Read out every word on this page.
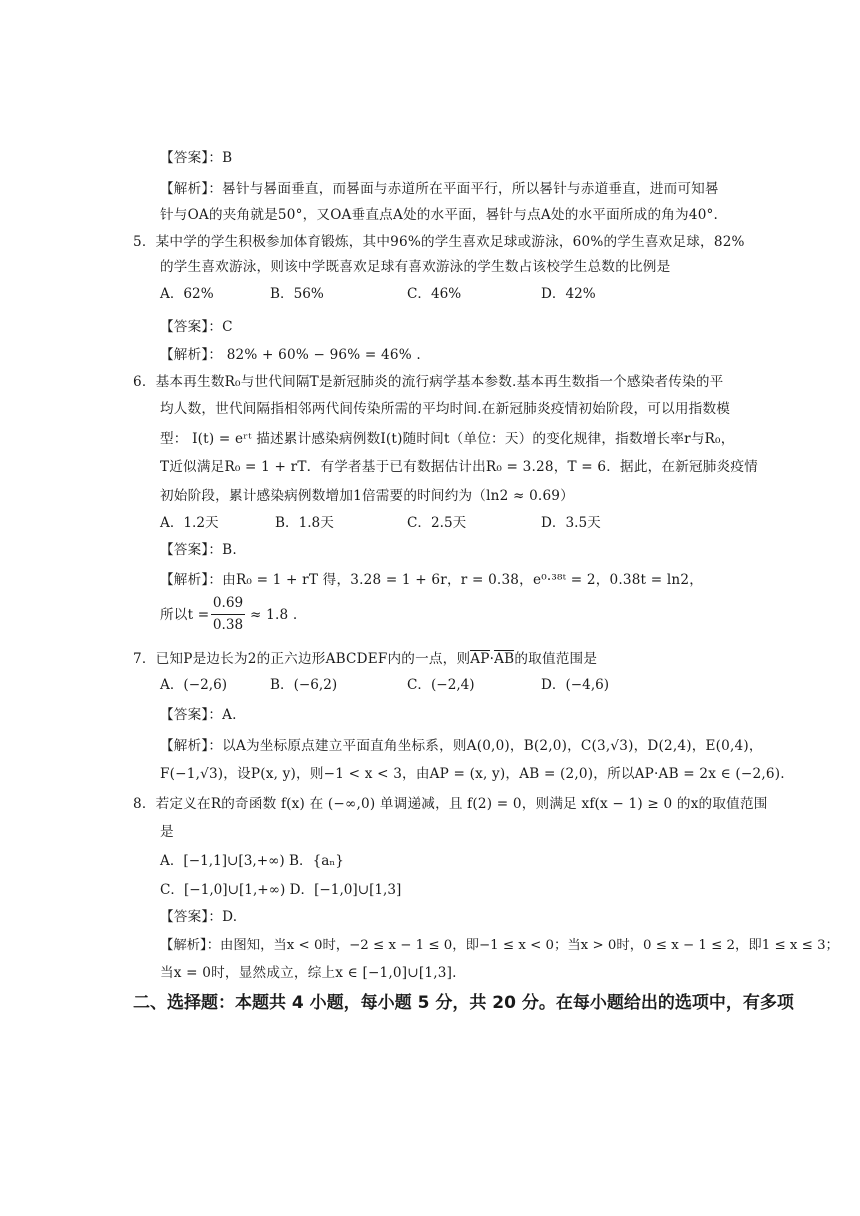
【答案】：B
【解析】：晷针与晷面垂直，而晷面与赤道所在平面平行，所以晷针与赤道垂直，进而可知晷
针与OA的夹角就是50°，又OA垂直点A处的水平面，晷针与点A处的水平面所成的角为40°.
5．某中学的学生积极参加体育锻炼，其中96%的学生喜欢足球或游泳，60%的学生喜欢足球，82%
的学生喜欢游泳，则该中学既喜欢足球有喜欢游泳的学生数占该校学生总数的比例是
A．62%	B．56%	C．46%	D．42%
【答案】：C
【解析】： 82% + 60% − 96% = 46% .
6．基本再生数R₀与世代间隔T是新冠肺炎的流行病学基本参数.基本再生数指一个感染者传染的平
均人数，世代间隔指相邻两代间传染所需的平均时间.在新冠肺炎疫情初始阶段，可以用指数模
型： I(t) = eʳᵗ 描述累计感染病例数I(t)随时间t（单位：天）的变化规律，指数增长率r与R₀，
T近似满足R₀ = 1 + rT．有学者基于已有数据估计出R₀ = 3.28，T = 6．据此，在新冠肺炎疫情
初始阶段，累计感染病例数增加1倍需要的时间约为（ln2 ≈ 0.69）
A．1.2天	B．1.8天	C．2.5天	D．3.5天
【答案】：B.
【解析】：由R₀ = 1 + rT 得，3.28 = 1 + 6r，r = 0.38，e⁰·³⁸ᵗ = 2，0.38t = ln2，
所以t =
0.69
0.38
≈ 1.8 .
7．已知P是边长为2的正六边形ABCDEF内的一点，则
AP·
AB的取值范围是
A．(−2,6)	B．(−6,2)	C．(−2,4)	D．(−4,6)
【答案】：A.
【解析】：以A为坐标原点建立平面直角坐标系，则A(0,0)，B(2,0)，C(3,√3)，D(2,4)，E(0,4)，
F(−1,√3)，设P(x, y)，则−1 < x < 3，由AP = (x, y)，AB = (2,0)，所以AP·AB = 2x ∈ (−2,6).
8．若定义在R的奇函数 f(x) 在 (−∞,0) 单调递减，且 f(2) = 0，则满足 xf(x − 1) ≥ 0 的x的取值范围
是
A．[−1,1]∪[3,+∞) B．{aₙ}
C．[−1,0]∪[1,+∞) D．[−1,0]∪[1,3]
【答案】：D.
【解析】：由图知，当x < 0时，−2 ≤ x − 1 ≤ 0，即−1 ≤ x < 0；当x > 0时，0 ≤ x − 1 ≤ 2，即1 ≤ x ≤ 3；
当x = 0时，显然成立，综上x ∈ [−1,0]∪[1,3].
二、选择题：本题共 4 小题，每小题 5 分，共 20 分。在每小题给出的选项中，有多项
